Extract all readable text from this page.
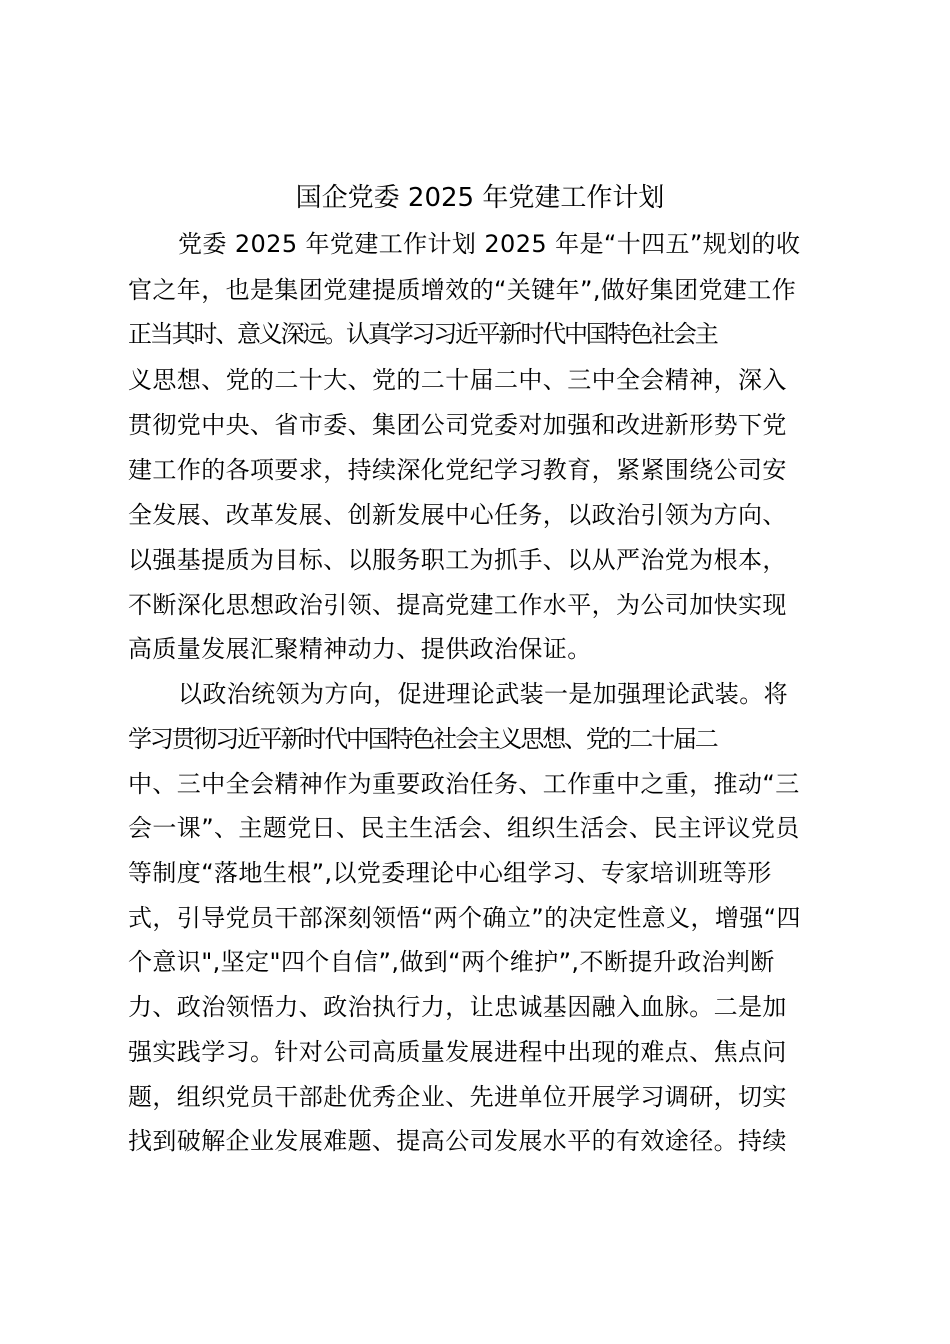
国企党委 2025 年党建工作计划
党委 2025 年党建工作计划 2025 年是“十四五”规划的收
官之年，也是集团党建提质增效的“关键年”,做好集团党建工作
正当其时、意义深远。认真学习习近平新时代中国特色社会主
义思想、党的二十大、党的二十届二中、三中全会精神，深入
贯彻党中央、省市委、集团公司党委对加强和改进新形势下党
建工作的各项要求，持续深化党纪学习教育，紧紧围绕公司安
全发展、改革发展、创新发展中心任务，以政治引领为方向、
以强基提质为目标、以服务职工为抓手、以从严治党为根本，
不断深化思想政治引领、提高党建工作水平，为公司加快实现
高质量发展汇聚精神动力、提供政治保证。
以政治统领为方向，促进理论武装一是加强理论武装。将
学习贯彻习近平新时代中国特色社会主义思想、党的二十届二
中、三中全会精神作为重要政治任务、工作重中之重，推动“三
会一课”、主题党日、民主生活会、组织生活会、民主评议党员
等制度“落地生根”,以党委理论中心组学习、专家培训班等形
式，引导党员干部深刻领悟“两个确立”的决定性意义，增强“四
个意识",坚定"四个自信”,做到“两个维护”,不断提升政治判断
力、政治领悟力、政治执行力，让忠诚基因融入血脉。二是加
强实践学习。针对公司高质量发展进程中出现的难点、焦点问
题，组织党员干部赴优秀企业、先进单位开展学习调研，切实
找到破解企业发展难题、提高公司发展水平的有效途径。持续
